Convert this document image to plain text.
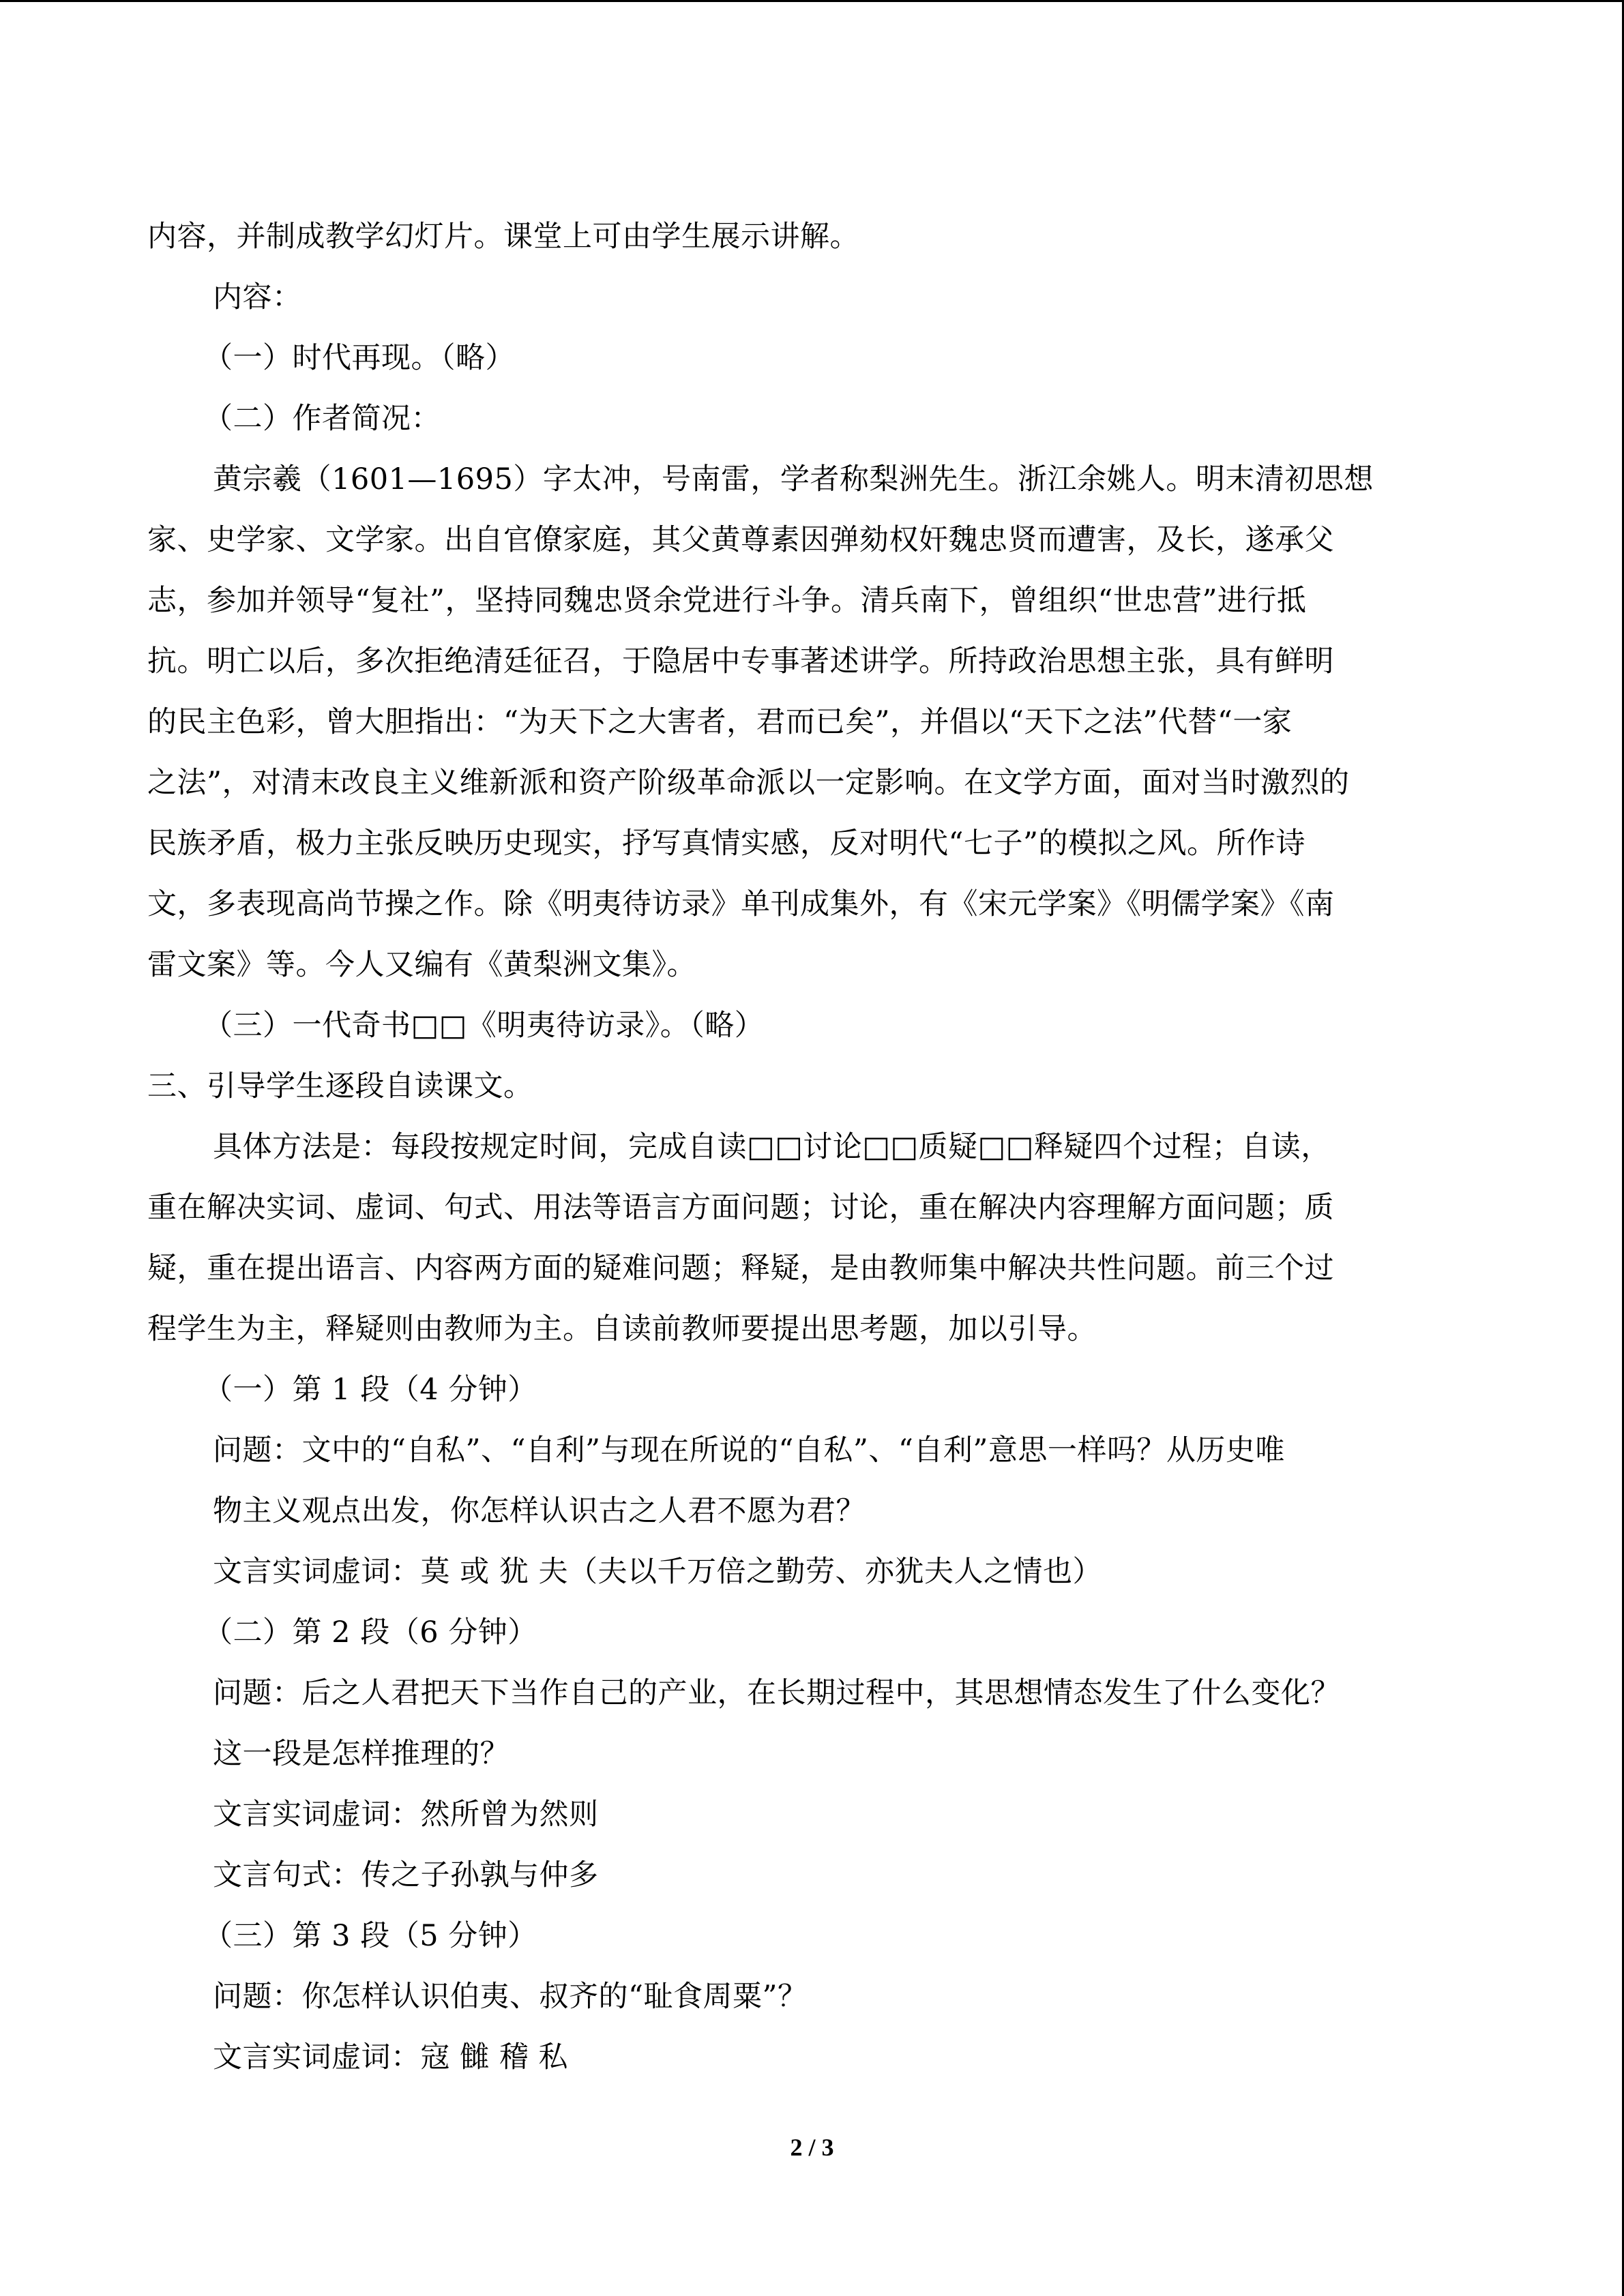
内容，并制成教学幻灯片。课堂上可由学生展示讲解。
内容：
（一）时代再现。（略）
（二）作者简况：
黄宗羲（1601—1695）字太冲，号南雷，学者称梨洲先生。浙江余姚人。明末清初思想
家、史学家、文学家。出自官僚家庭，其父黄尊素因弹劾权奸魏忠贤而遭害，及长，遂承父
志，参加并领导“复社”，坚持同魏忠贤余党进行斗争。清兵南下，曾组织“世忠营”进行抵
抗。明亡以后，多次拒绝清廷征召，于隐居中专事著述讲学。所持政治思想主张，具有鲜明
的民主色彩，曾大胆指出：“为天下之大害者，君而已矣”，并倡以“天下之法”代替“一家
之法”，对清末改良主义维新派和资产阶级革命派以一定影响。在文学方面，面对当时激烈的
民族矛盾，极力主张反映历史现实，抒写真情实感，反对明代“七子”的模拟之风。所作诗
文，多表现高尚节操之作。除《明夷待访录》单刊成集外，有《宋元学案》《明儒学案》《南
雷文案》等。今人又编有《黄梨洲文集》。
（三）一代奇书□□《明夷待访录》。（略）
三、引导学生逐段自读课文。
具体方法是：每段按规定时间，完成自读□□讨论□□质疑□□释疑四个过程；自读，
重在解决实词、虚词、句式、用法等语言方面问题；讨论，重在解决内容理解方面问题；质
疑，重在提出语言、内容两方面的疑难问题；释疑，是由教师集中解决共性问题。前三个过
程学生为主，释疑则由教师为主。自读前教师要提出思考题，加以引导。
（一）第 1 段（4 分钟）
问题：文中的“自私”、“自利”与现在所说的“自私”、“自利”意思一样吗？从历史唯
物主义观点出发，你怎样认识古之人君不愿为君？
文言实词虚词：莫 或 犹 夫（夫以千万倍之勤劳、亦犹夫人之情也）
（二）第 2 段（6 分钟）
问题：后之人君把天下当作自己的产业，在长期过程中，其思想情态发生了什么变化？
这一段是怎样推理的？
文言实词虚词：然所曾为然则
文言句式：传之子孙孰与仲多
（三）第 3 段（5 分钟）
问题：你怎样认识伯夷、叔齐的“耻食周粟”？
文言实词虚词：寇 雠 稽 私
2 / 3
